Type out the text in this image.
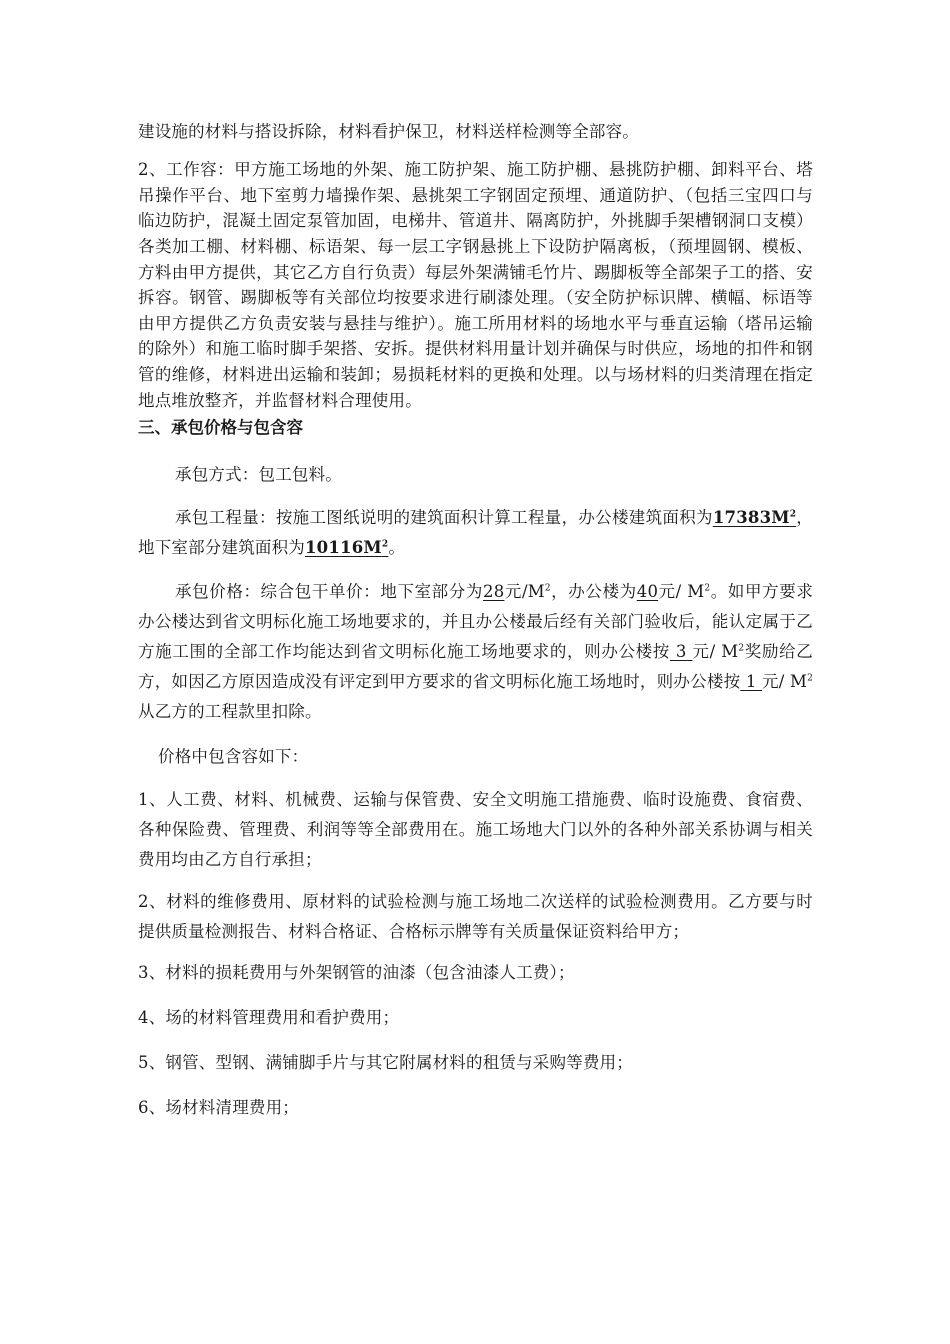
建设施的材料与搭设拆除，材料看护保卫，材料送样检测等全部容。

2、工作容：甲方施工场地的外架、施工防护架、施工防护棚、悬挑防护棚、卸料平台、塔吊操作平台、地下室剪力墙操作架、悬挑架工字钢固定预埋、通道防护、（包括三宝四口与临边防护，混凝土固定泵管加固，电梯井、管道井、隔离防护，外挑脚手架槽钢洞口支模）各类加工棚、材料棚、标语架、每一层工字钢悬挑上下设防护隔离板，（预埋圆钢、模板、方料由甲方提供，其它乙方自行负责）每层外架满铺毛竹片、踢脚板等全部架子工的搭、安拆容。钢管、踢脚板等有关部位均按要求进行刷漆处理。（安全防护标识牌、横幅、标语等由甲方提供乙方负责安装与悬挂与维护）。施工所用材料的场地水平与垂直运输（塔吊运输的除外）和施工临时脚手架搭、安拆。提供材料用量计划并确保与时供应，场地的扣件和钢管的维修，材料进出运输和装卸；易损耗材料的更换和处理。以与场材料的归类清理在指定地点堆放整齐，并监督材料合理使用。

三、承包价格与包含容

承包方式：包工包料。

承包工程量：按施工图纸说明的建筑面积计算工程量，办公楼建筑面积为$17383M^2$，地下室部分建筑面积为$10116M^2$。

承包价格：综合包干单价：地下室部分为28元$/M^2$，办公楼为40元/ $M^2$。如甲方要求办公楼达到省文明标化施工场地要求的，并且办公楼最后经有关部门验收后，能认定属于乙方施工围的全部工作均能达到省文明标化施工场地要求的，则办公楼按 3 元/ $M^2$奖励给乙方，如因乙方原因造成没有评定到甲方要求的省文明标化施工场地时，则办公楼按 1 元/ $M^2$从乙方的工程款里扣除。

价格中包含容如下：

1、人工费、材料、机械费、运输与保管费、安全文明施工措施费、临时设施费、食宿费、各种保险费、管理费、利润等等全部费用在。施工场地大门以外的各种外部关系协调与相关费用均由乙方自行承担；

2、材料的维修费用、原材料的试验检测与施工场地二次送样的试验检测费用。乙方要与时提供质量检测报告、材料合格证、合格标示牌等有关质量保证资料给甲方；

3、材料的损耗费用与外架钢管的油漆（包含油漆人工费）；

4、场的材料管理费用和看护费用；

5、钢管、型钢、满铺脚手片与其它附属材料的租赁与采购等费用；

6、场材料清理费用；
